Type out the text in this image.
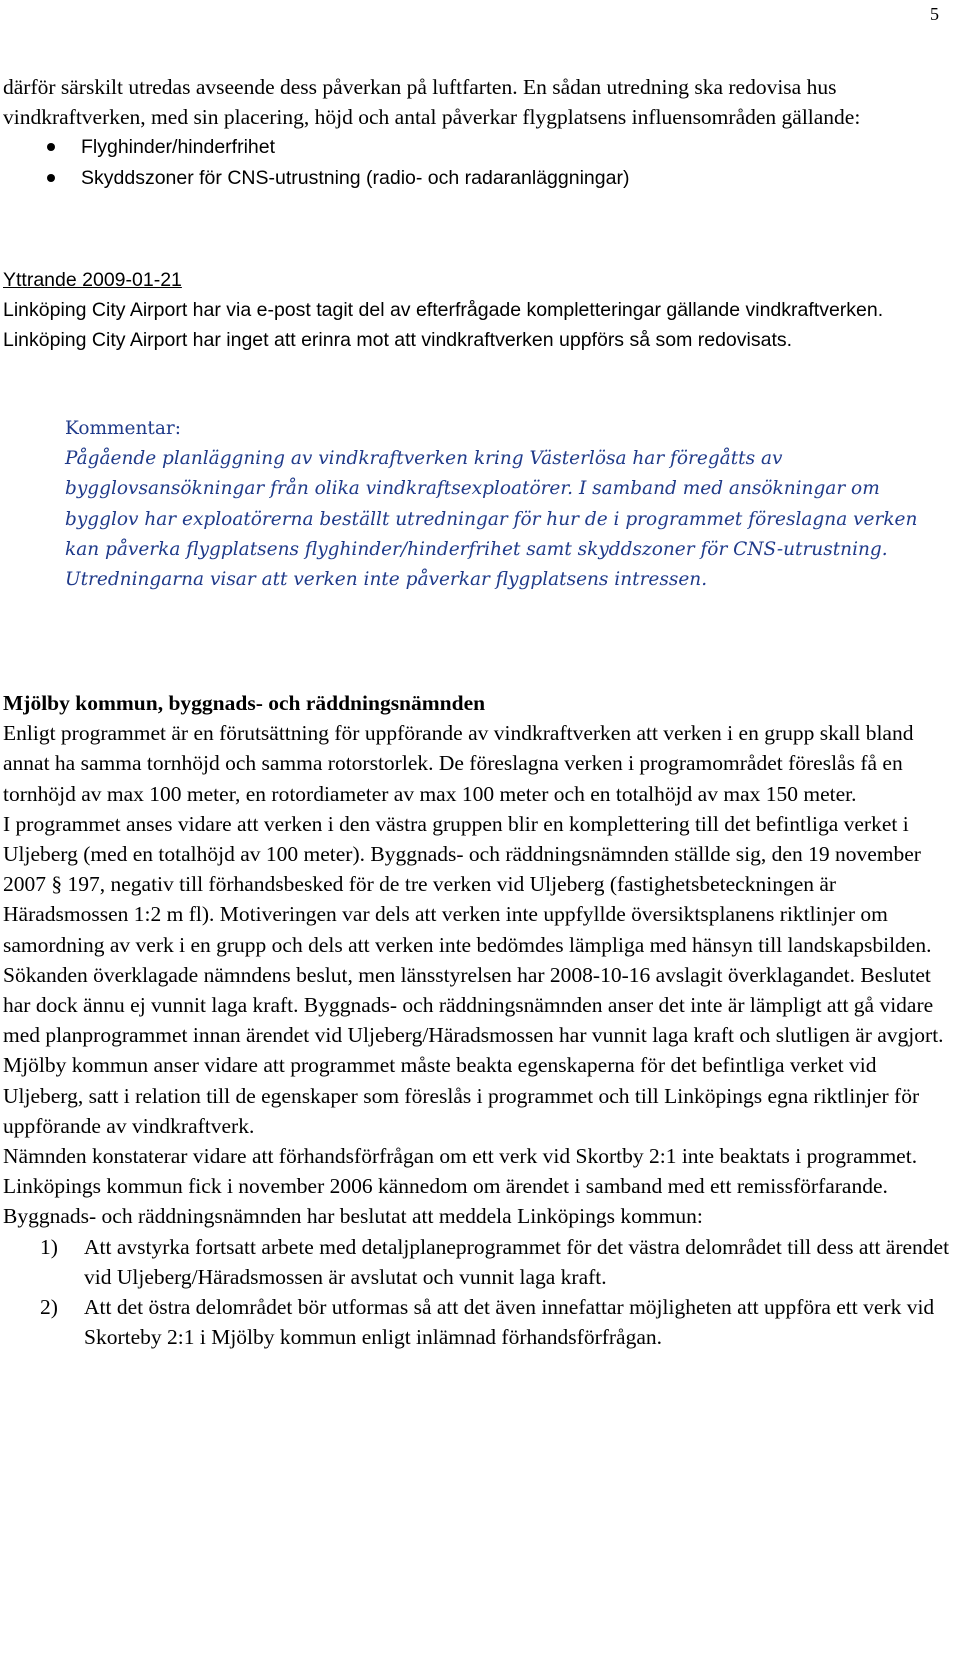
5

därför särskilt utredas avseende dess påverkan på luftfarten. En sådan utredning ska redovisa hus vindkraftverken, med sin placering, höjd och antal påverkar flygplatsens influensområden gällande:

Flyghinder/hinderfrihet
Skyddszoner för CNS-utrustning (radio- och radaranläggningar)

Yttrande 2009-01-21

Linköping City Airport har via e-post tagit del av efterfrågade kompletteringar gällande vindkraftverken. Linköping City Airport har inget att erinra mot att vindkraftverken uppförs så som redovisats.

Kommentar:

Pågående planläggning av vindkraftverken kring Västerlösa har föregåtts av bygglovsansökningar från olika vindkraftsexploatörer. I samband med ansökningar om bygglov har exploatörerna beställt utredningar för hur de i programmet föreslagna verken kan påverka flygplatsens flyghinder/hinderfrihet samt skyddszoner för CNS-utrustning. Utredningarna visar att verken inte påverkar flygplatsens intressen.

Mjölby kommun, byggnads- och räddningsnämnden

Enligt programmet är en förutsättning för uppförande av vindkraftverken att verken i en grupp skall bland annat ha samma tornhöjd och samma rotorstorlek. De föreslagna verken i programområdet föreslås få en tornhöjd av max 100 meter, en rotordiameter av max 100 meter och en totalhöjd av max 150 meter.

I programmet anses vidare att verken i den västra gruppen blir en komplettering till det befintliga verket i Uljeberg (med en totalhöjd av 100 meter). Byggnads- och räddningsnämnden ställde sig, den 19 november 2007 § 197, negativ till förhandsbesked för de tre verken vid Uljeberg (fastighetsbeteckningen är Häradsmossen 1:2 m fl). Motiveringen var dels att verken inte uppfyllde översiktsplanens riktlinjer om samordning av verk i en grupp och dels att verken inte bedömdes lämpliga med hänsyn till landskapsbilden. Sökanden överklagade nämndens beslut, men länsstyrelsen har 2008-10-16 avslagit överklagandet. Beslutet har dock ännu ej vunnit laga kraft. Byggnads- och räddningsnämnden anser det inte är lämpligt att gå vidare med planprogrammet innan ärendet vid Uljeberg/Häradsmossen har vunnit laga kraft och slutligen är avgjort. Mjölby kommun anser vidare att programmet måste beakta egenskaperna för det befintliga verket vid Uljeberg, satt i relation till de egenskaper som föreslås i programmet och till Linköpings egna riktlinjer för uppförande av vindkraftverk.

Nämnden konstaterar vidare att förhandsförfrågan om ett verk vid Skortby 2:1 inte beaktats i programmet. Linköpings kommun fick i november 2006 kännedom om ärendet i samband med ett remissförfarande.

Byggnads- och räddningsnämnden har beslutat att meddela Linköpings kommun:

1) Att avstyrka fortsatt arbete med detaljplaneprogrammet för det västra delområdet till dess att ärendet vid Uljeberg/Häradsmossen är avslutat och vunnit laga kraft.
2) Att det östra delområdet bör utformas så att det även innefattar möjligheten att uppföra ett verk vid Skorteby 2:1 i Mjölby kommun enligt inlämnad förhandsförfrågan.
